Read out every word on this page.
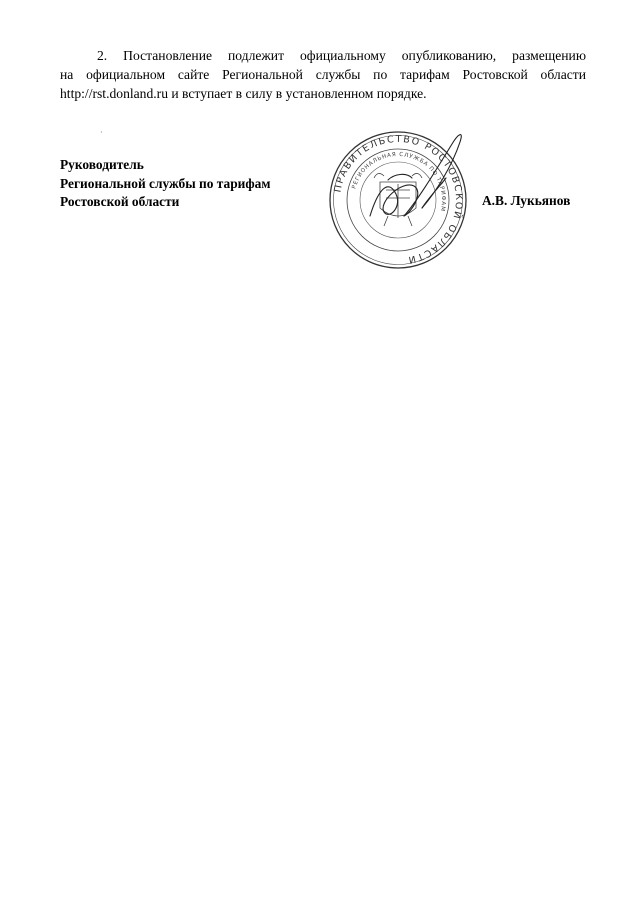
2. Постановление подлежит официальному опубликованию, размещению
на официальном сайте Региональной службы по тарифам Ростовской области
http://rst.donland.ru и вступает в силу в установленном порядке.
·
Руководитель
Региональной службы по тарифам
Ростовской области
ПРАВИТЕЛЬСТВО РОСТОВСКОЙ ОБЛАСТИ
РЕГИОНАЛЬНАЯ СЛУЖБА ПО ТАРИФАМ
А.В. Лукьянов
